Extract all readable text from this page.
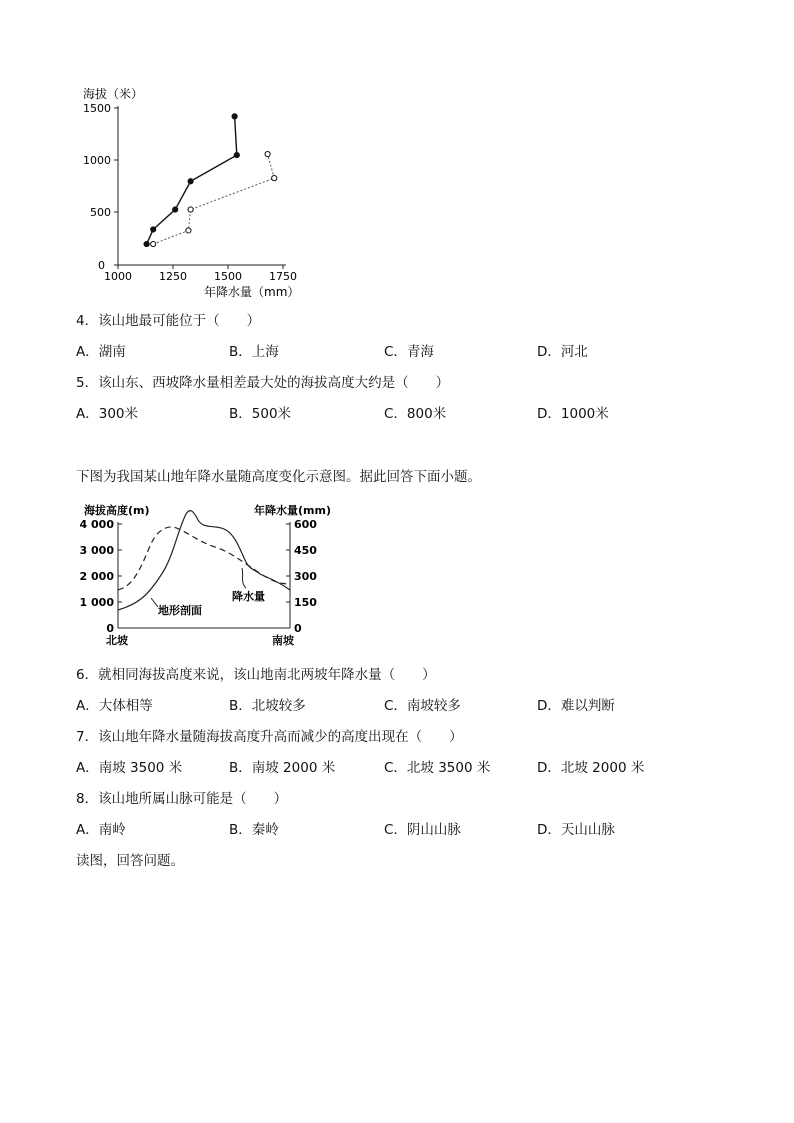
海拔（米）
1500
1000
500
0
1000 1250 1500 1750
年降水量（mm）
4．该山地最可能位于（　　）
A．湖南	B．上海	C．青海	D．河北
5．该山东、西坡降水量相差最大处的海拔高度大约是（　　）
A．300米	B．500米	C．800米	D．1000米
下图为我国某山地年降水量随高度变化示意图。据此回答下面小题。
海拔高度(m)	年降水量(mm)
4 000
3 000
2 000
1 000
0
600
450
300
150
0
地形剖面
降水量
北坡	南坡
6．就相同海拔高度来说，该山地南北两坡年降水量（　　）
A．大体相等	B．北坡较多	C．南坡较多	D．难以判断
7．该山地年降水量随海拔高度升高而减少的高度出现在（　　）
A．南坡 3500 米	B．南坡 2000 米	C．北坡 3500 米	D．北坡 2000 米
8．该山地所属山脉可能是（　　）
A．南岭	B．秦岭	C．阴山山脉	D．天山山脉
读图，回答问题。
